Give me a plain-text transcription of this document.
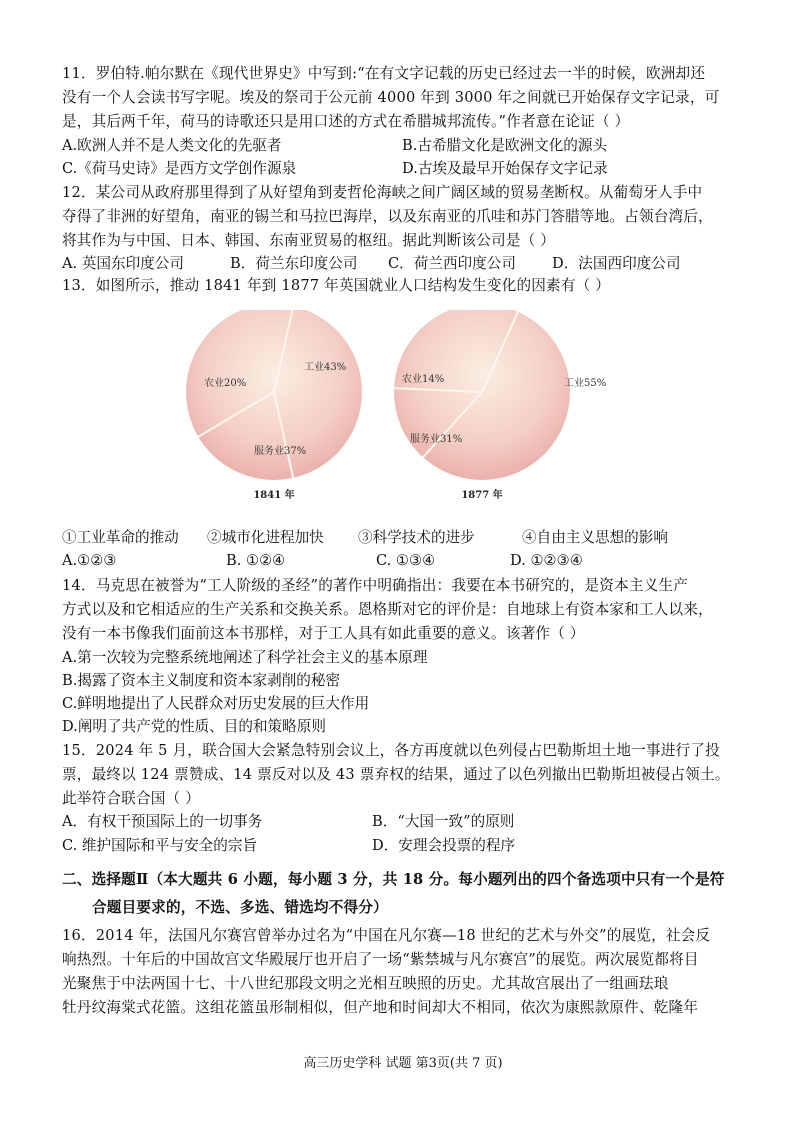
11．罗伯特.帕尔默在《现代世界史》中写到:“在有文字记载的历史已经过去一半的时候，欧洲却还
没有一个人会读书写字呢。埃及的祭司于公元前 4000 年到 3000 年之间就已开始保存文字记录，可
是，其后两千年，荷马的诗歌还只是用口述的方式在希腊城邦流传。”作者意在论证（ ）
A.欧洲人并不是人类文化的先驱者	B.古希腊文化是欧洲文化的源头
C.《荷马史诗》是西方文学创作源泉	D.古埃及最早开始保存文字记录
12．某公司从政府那里得到了从好望角到麦哲伦海峡之间广阔区域的贸易垄断权。从葡萄牙人手中
夺得了非洲的好望角，南亚的锡兰和马拉巴海岸，以及东南亚的爪哇和苏门答腊等地。占领台湾后，
将其作为与中国、日本、韩国、东南亚贸易的枢纽。据此判断该公司是（ ）
A. 英国东印度公司	B．荷兰东印度公司 C．荷兰西印度公司 D．法国西印度公司
13．如图所示，推动 1841 年到 1877 年英国就业人口结构发生变化的因素有（ ）
工业43%
农业20%
服务业37%
1841 年
工业55%
农业14%
服务业31%
1877 年
①工业革命的推动 ②城市化进程加快 ③科学技术的进步	④自由主义思想的影响
A.①②③	B. ①②④	C. ①③④	D. ①②③④
14．马克思在被誉为“工人阶级的圣经”的著作中明确指出：我要在本书研究的，是资本主义生产
方式以及和它相适应的生产关系和交换关系。恩格斯对它的评价是：自地球上有资本家和工人以来，
没有一本书像我们面前这本书那样，对于工人具有如此重要的意义。该著作（ ）
A.第一次较为完整系统地阐述了科学社会主义的基本原理
B.揭露了资本主义制度和资本家剥削的秘密
C.鲜明地提出了人民群众对历史发展的巨大作用
D.阐明了共产党的性质、目的和策略原则
15．2024 年 5 月，联合国大会紧急特别会议上，各方再度就以色列侵占巴勒斯坦土地一事进行了投
票，最终以 124 票赞成、14 票反对以及 43 票弃权的结果，通过了以色列撤出巴勒斯坦被侵占领土。
此举符合联合国（ ）
A．有权干预国际上的一切事务	B．“大国一致”的原则
C. 维护国际和平与安全的宗旨	D．安理会投票的程序
二、选择题Ⅱ（本大题共 6 小题，每小题 3 分，共 18 分。每小题列出的四个备选项中只有一个是符
合题目要求的，不选、多选、错选均不得分）
16．2014 年，法国凡尔赛宫曾举办过名为“中国在凡尔赛—18 世纪的艺术与外交”的展览，社会反
响热烈。十年后的中国故宫文华殿展厅也开启了一场“紫禁城与凡尔赛宫”的展览。两次展览都将目
光聚焦于中法两国十七、十八世纪那段文明之光相互映照的历史。尤其故宫展出了一组画珐琅
牡丹纹海棠式花篮。这组花篮虽形制相似，但产地和时间却大不相同，依次为康熙款原件、乾隆年
高三历史学科 试题 第3页(共 7 页)
